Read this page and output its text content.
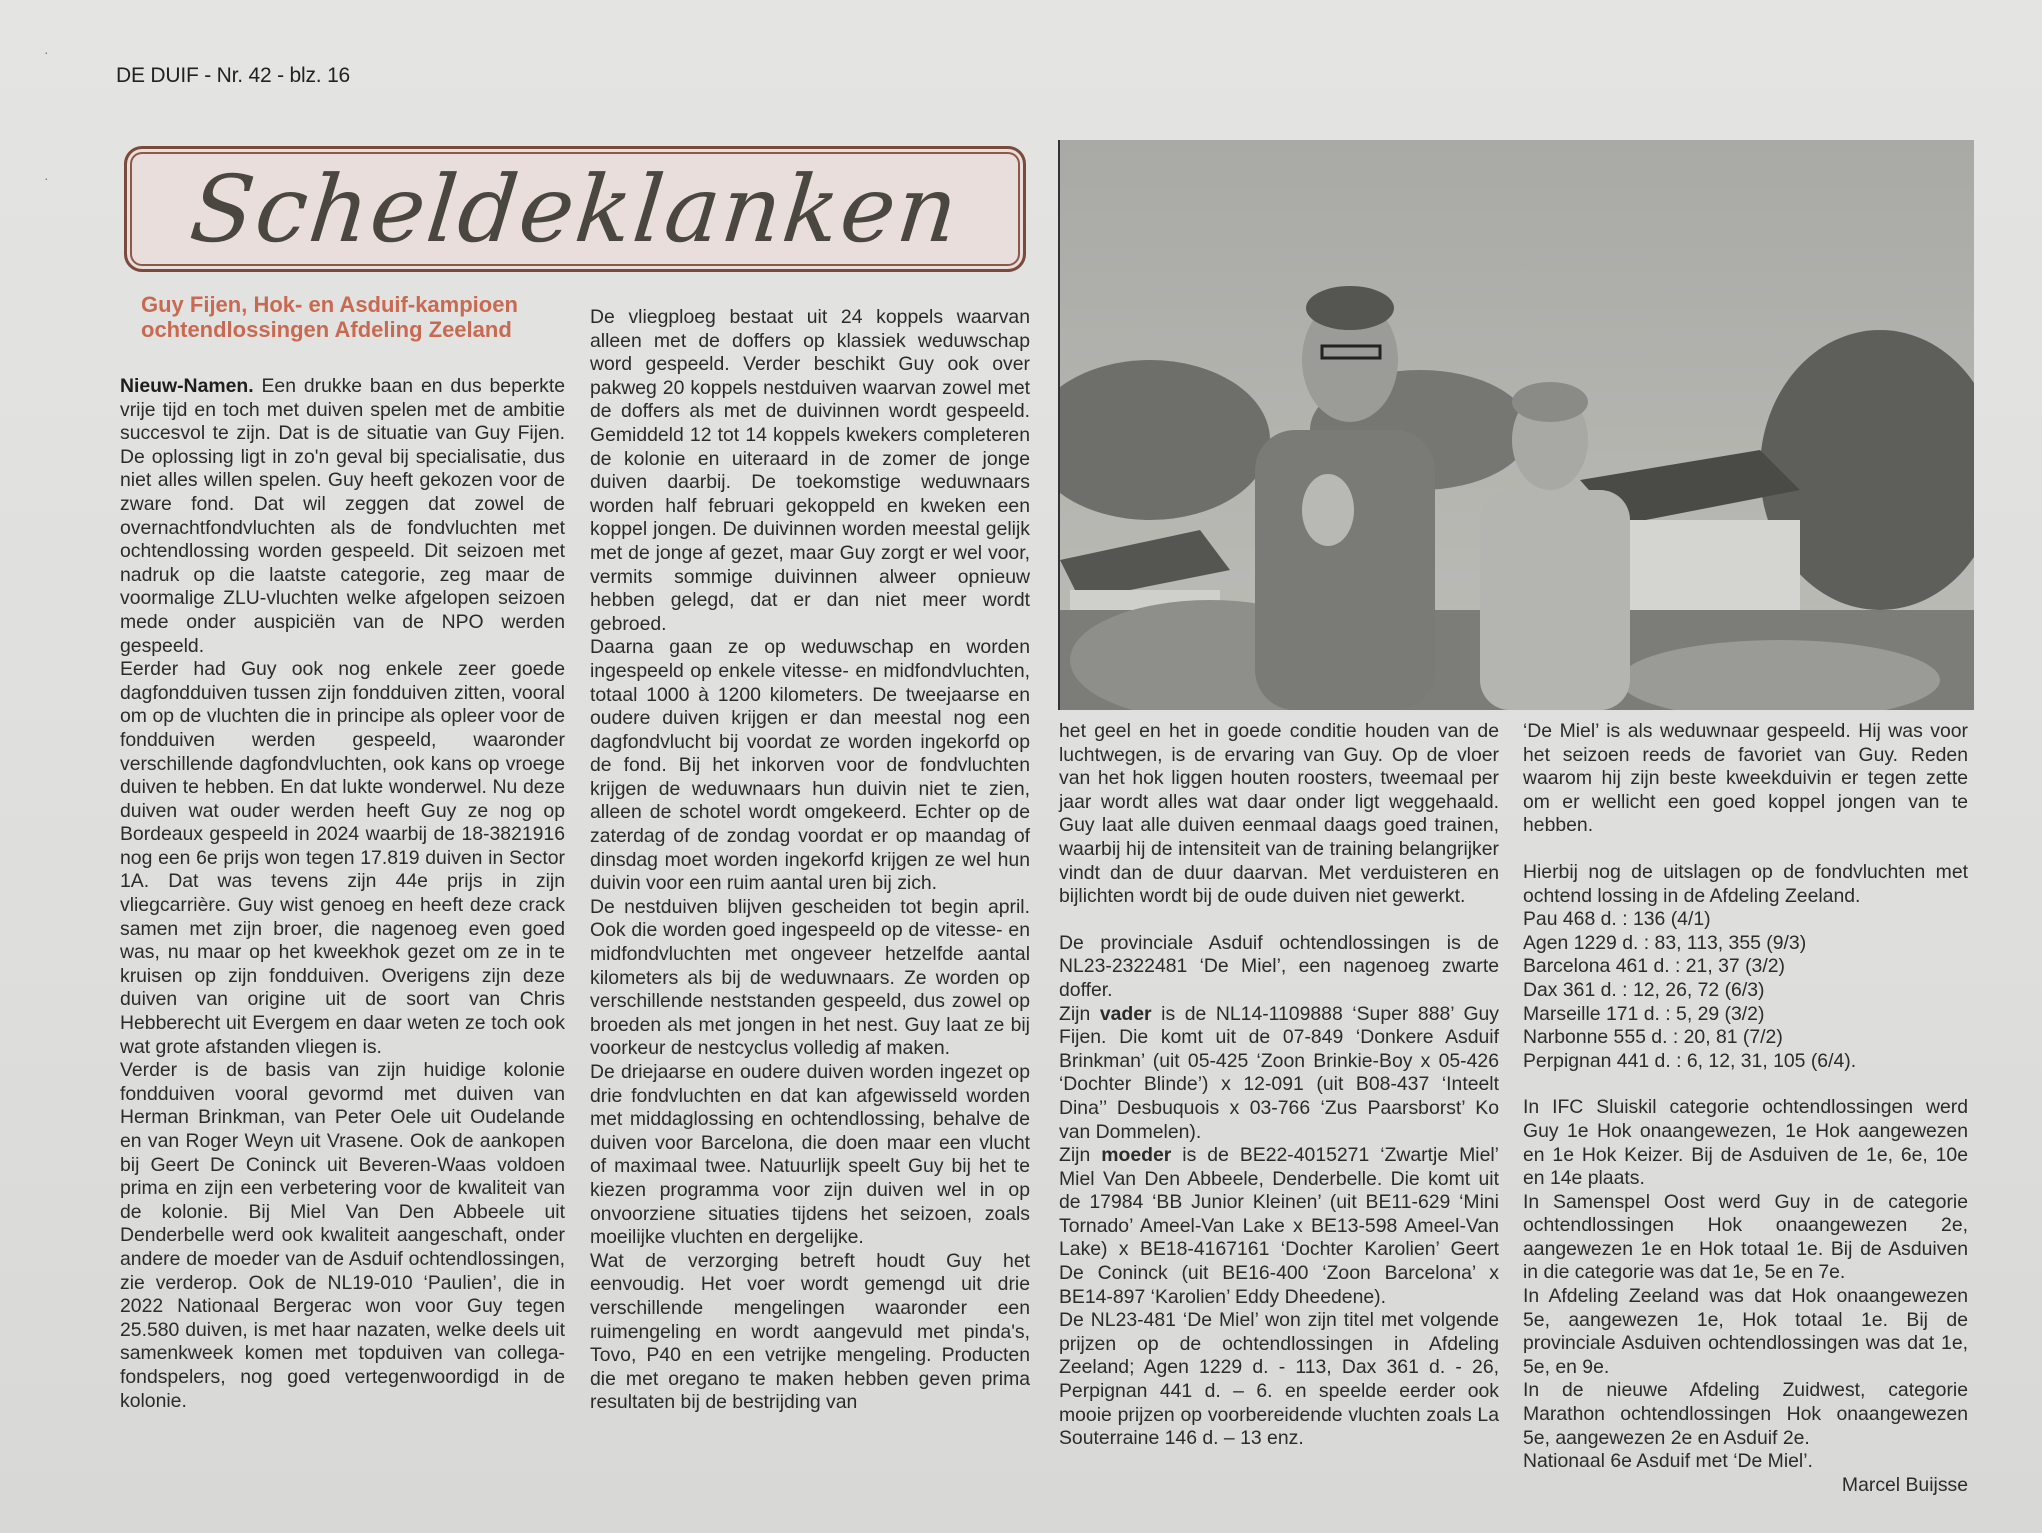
DE DUIF - Nr. 42 - blz. 16
·
·	Scheldeklanken
Guy Fijen, Hok- en Asduif-kampioen ochtendlossingen Afdeling Zeeland

Nieuw-Namen. Een drukke baan en dus beperkte vrije tijd en toch met duiven spelen met de ambitie succesvol te zijn. Dat is de situatie van Guy Fijen. De oplossing ligt in zo'n geval bij specialisatie, dus niet alles willen spelen. Guy heeft gekozen voor de zware fond. Dat wil zeggen dat zowel de overnachtfondvluchten als de fondvluchten met ochtendlossing worden gespeeld. Dit seizoen met nadruk op die laatste categorie, zeg maar de voormalige ZLU-vluchten welke afgelopen seizoen mede onder auspiciën van de NPO werden gespeeld.

Eerder had Guy ook nog enkele zeer goede dagfondduiven tussen zijn fondduiven zitten, vooral om op de vluchten die in principe als opleer voor de fondduiven werden gespeeld, waaronder verschillende dagfondvluchten, ook kans op vroege duiven te hebben. En dat lukte wonderwel. Nu deze duiven wat ouder werden heeft Guy ze nog op Bordeaux gespeeld in 2024 waarbij de 18-3821916 nog een 6e prijs won tegen 17.819 duiven in Sector 1A. Dat was tevens zijn 44e prijs in zijn vliegcarrière. Guy wist genoeg en heeft deze crack samen met zijn broer, die nagenoeg even goed was, nu maar op het kweekhok gezet om ze in te kruisen op zijn fondduiven. Overigens zijn deze duiven van origine uit de soort van Chris Hebberecht uit Evergem en daar weten ze toch ook wat grote afstanden vliegen is.

Verder is de basis van zijn huidige kolonie fondduiven vooral gevormd met duiven van Herman Brinkman, van Peter Oele uit Oudelande en van Roger Weyn uit Vrasene. Ook de aankopen bij Geert De Coninck uit Beveren-Waas voldoen prima en zijn een verbetering voor de kwaliteit van de kolonie. Bij Miel Van Den Abbeele uit Denderbelle werd ook kwaliteit aangeschaft, onder andere de moeder van de Asduif ochtendlossingen, zie verderop. Ook de NL19-010 ‘Paulien’, die in 2022 Nationaal Bergerac won voor Guy tegen 25.580 duiven, is met haar nazaten, welke deels uit samenkweek komen met topduiven van collega-fondspelers, nog goed vertegenwoordigd in de kolonie.

De vliegploeg bestaat uit 24 koppels waarvan alleen met de doffers op klassiek weduwschap word gespeeld. Verder beschikt Guy ook over pakweg 20 koppels nestduiven waarvan zowel met de doffers als met de duivinnen wordt gespeeld. Gemiddeld 12 tot 14 koppels kwekers completeren de kolonie en uiteraard in de zomer de jonge duiven daarbij. De toekomstige weduwnaars worden half februari gekoppeld en kweken een koppel jongen. De duivinnen worden meestal gelijk met de jonge af gezet, maar Guy zorgt er wel voor, vermits sommige duivinnen alweer opnieuw hebben gelegd, dat er dan niet meer wordt gebroed.

Daarna gaan ze op weduwschap en worden ingespeeld op enkele vitesse- en midfondvluchten, totaal 1000 à 1200 kilometers. De tweejaarse en oudere duiven krijgen er dan meestal nog een dagfondvlucht bij voordat ze worden ingekorfd op de fond. Bij het inkorven voor de fondvluchten krijgen de weduwnaars hun duivin niet te zien, alleen de schotel wordt omgekeerd. Echter op de zaterdag of de zondag voordat er op maandag of dinsdag moet worden ingekorfd krijgen ze wel hun duivin voor een ruim aantal uren bij zich.

De nestduiven blijven gescheiden tot begin april. Ook die worden goed ingespeeld op de vitesse- en midfondvluchten met ongeveer hetzelfde aantal kilometers als bij de weduwnaars. Ze worden op verschillende neststanden gespeeld, dus zowel op broeden als met jongen in het nest. Guy laat ze bij voorkeur de nestcyclus volledig af maken.

De driejaarse en oudere duiven worden ingezet op drie fondvluchten en dat kan afgewisseld worden met middaglossing en ochtendlossing, behalve de duiven voor Barcelona, die doen maar een vlucht of maximaal twee. Natuurlijk speelt Guy bij het te kiezen programma voor zijn duiven wel in op onvoorziene situaties tijdens het seizoen, zoals moeilijke vluchten en dergelijke.

Wat de verzorging betreft houdt Guy het eenvoudig. Het voer wordt gemengd uit drie verschillende mengelingen waaronder een ruimengeling en wordt aangevuld met pinda's, Tovo, P40 en een vetrijke mengeling. Producten die met oregano te maken hebben geven prima resultaten bij de bestrijding van

het geel en het in goede conditie houden van de luchtwegen, is de ervaring van Guy. Op de vloer van het hok liggen houten roosters, tweemaal per jaar wordt alles wat daar onder ligt weggehaald. Guy laat alle duiven eenmaal daags goed trainen, waarbij hij de intensiteit van de training belangrijker vindt dan de duur daarvan. Met verduisteren en bijlichten wordt bij de oude duiven niet gewerkt.

De provinciale Asduif ochtendlossingen is de NL23-2322481 ‘De Miel’, een nagenoeg zwarte doffer.

Zijn vader is de NL14-1109888 ‘Super 888’ Guy Fijen. Die komt uit de 07-849 ‘Donkere Asduif Brinkman’ (uit 05-425 ‘Zoon Brinkie-Boy x 05-426 ‘Dochter Blinde’) x 12-091 (uit B08-437 ‘Inteelt Dina’’ Desbuquois x 03-766 ‘Zus Paarsborst’ Ko van Dommelen).

Zijn moeder is de BE22-4015271 ‘Zwartje Miel’ Miel Van Den Abbeele, Denderbelle. Die komt uit de 17984 ‘BB Junior Kleinen’ (uit BE11-629 ‘Mini Tornado’ Ameel-Van Lake x BE13-598 Ameel-Van Lake) x BE18-4167161 ‘Dochter Karolien’ Geert De Coninck (uit BE16-400 ‘Zoon Barcelona’ x BE14-897 ‘Karolien’ Eddy Dheedene).

De NL23-481 ‘De Miel’ won zijn titel met volgende prijzen op de ochtendlossingen in Afdeling Zeeland; Agen 1229 d. - 113, Dax 361 d. - 26, Perpignan 441 d. – 6. en speelde eerder ook mooie prijzen op voorbereidende vluchten zoals La Souterraine 146 d. – 13 enz.

‘De Miel’ is als weduwnaar gespeeld. Hij was voor het seizoen reeds de favoriet van Guy. Reden waarom hij zijn beste kweekduivin er tegen zette om er wellicht een goed koppel jongen van te hebben.

Hierbij nog de uitslagen op de fondvluchten met ochtend lossing in de Afdeling Zeeland.

Pau 468 d. : 136 (4/1)

Agen 1229 d. : 83, 113, 355 (9/3)

Barcelona 461 d. : 21, 37 (3/2)

Dax 361 d. : 12, 26, 72 (6/3)

Marseille 171 d. : 5, 29 (3/2)

Narbonne 555 d. : 20, 81 (7/2)

Perpignan 441 d. : 6, 12, 31, 105 (6/4).

In IFC Sluiskil categorie ochtendlossingen werd Guy 1e Hok onaangewezen, 1e Hok aangewezen en 1e Hok Keizer. Bij de Asduiven de 1e, 6e, 10e en 14e plaats.

In Samenspel Oost werd Guy in de categorie ochtendlossingen Hok onaangewezen 2e, aangewezen 1e en Hok totaal 1e. Bij de Asduiven in die categorie was dat 1e, 5e en 7e.

In Afdeling Zeeland was dat Hok onaangewezen 5e, aangewezen 1e, Hok totaal 1e. Bij de provinciale Asduiven ochtendlossingen was dat 1e, 5e, en 9e.

In de nieuwe Afdeling Zuidwest, categorie Marathon ochtendlossingen Hok onaangewezen 5e, aangewezen 2e en Asduif 2e.

Nationaal 6e Asduif met ‘De Miel’.

Marcel Buijsse
